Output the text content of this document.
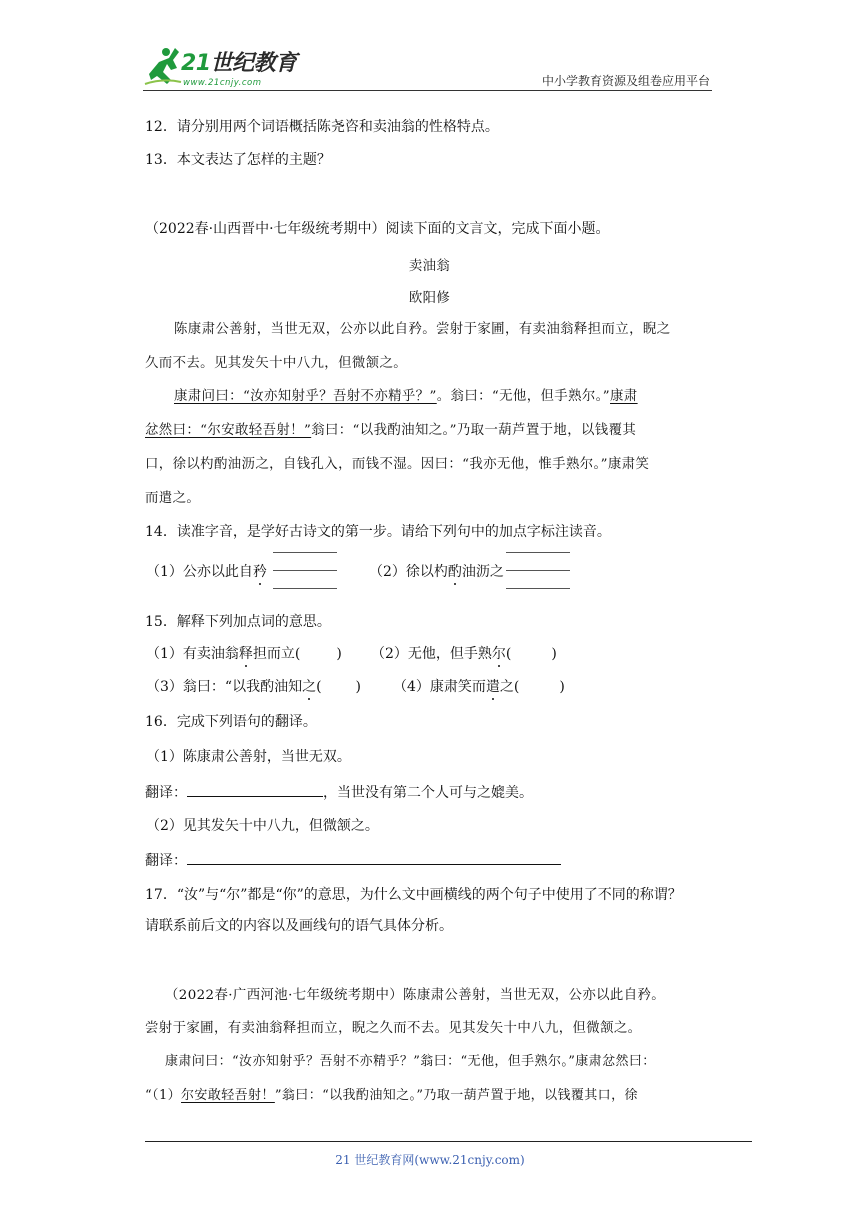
21世纪教育
www.21cnjy.com	中小学教育资源及组卷应用平台
12．请分别用两个词语概括陈尧咨和卖油翁的性格特点。
13．本文表达了怎样的主题？
（2022春·山西晋中·七年级统考期中）阅读下面的文言文，完成下面小题。
卖油翁
欧阳修
陈康肃公善射，当世无双，公亦以此自矜。尝射于家圃，有卖油翁释担而立，睨之
久而不去。见其发矢十中八九，但微颔之。
康肃问曰：“汝亦知射乎？吾射不亦精乎？”。翁曰：“无他，但手熟尔。”康肃
忿然曰：“尔安敢轻吾射！”翁曰：“以我酌油知之。”乃取一葫芦置于地，以钱覆其
口，徐以杓酌油沥之，自钱孔入，而钱不湿。因曰：“我亦无他，惟手熟尔。”康肃笑
而遣之。
14．读准字音，是学好古诗文的第一步。请给下列句中的加点字标注读音。
（1）公亦以此自矜	（2）徐以杓酌油沥之
15．解释下列加点词的意思。
（1）有卖油翁释担而立(	) （2）无他，但手熟尔(	)
（3）翁曰：“以我酌油知之( ) （4）康肃笑而遣之(	)
16．完成下列语句的翻译。
（1）陈康肃公善射，当世无双。
翻译：	，当世没有第二个人可与之媲美。
（2）见其发矢十中八九，但微颔之。
翻译：
17．“汝”与“尔”都是“你”的意思，为什么文中画横线的两个句子中使用了不同的称谓？
请联系前后文的内容以及画线句的语气具体分析。
（2022春·广西河池·七年级统考期中）陈康肃公善射，当世无双，公亦以此自矜。
尝射于家圃，有卖油翁释担而立，睨之久而不去。见其发矢十中八九，但微颔之。
康肃问曰：“汝亦知射乎？吾射不亦精乎？”翁曰：“无他，但手熟尔。”康肃忿然曰：
“（1）尔安敢轻吾射！”翁曰：“以我酌油知之。”乃取一葫芦置于地，以钱覆其口，徐
21 世纪教育网(www.21cnjy.com)
